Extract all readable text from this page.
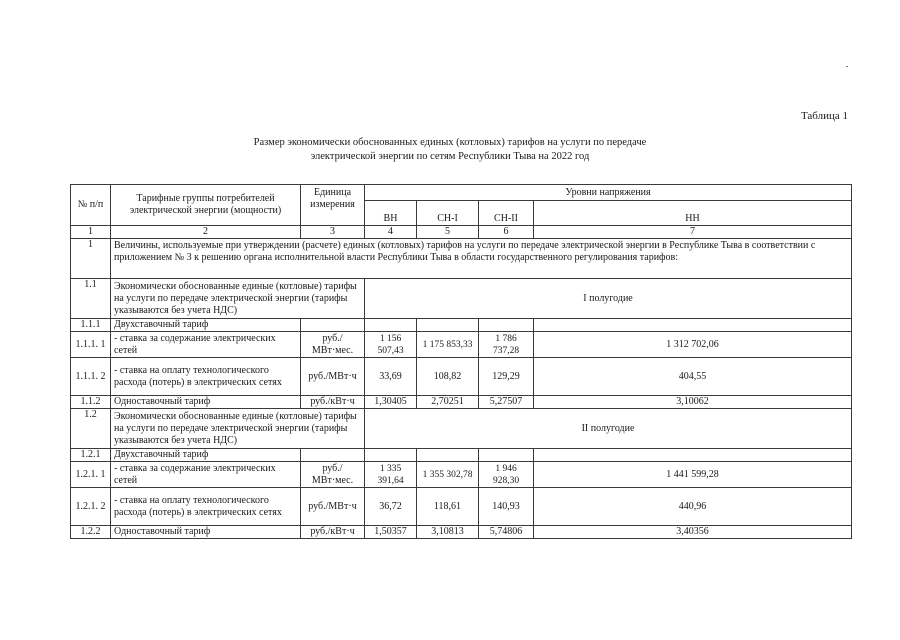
Таблица 1
Размер экономически обоснованных единых (котловых) тарифов на услуги по передаче
электрической энергии по сетям Республики Тыва на 2022 год
№ п/п	Тарифные группы потребителей электрической энергии (мощности)	Единица измерения	Уровни напряжения			
			ВН	СН-I	СН-II	НН
1	2	3	4	5	6	7
1	Величины, используемые при утверждении (расчете) единых (котловых) тарифов на услуги по передаче электрической энергии в Республике Тыва в соответствии с приложением № 3 к решению органа исполнительной власти Республики Тыва в области государственного регулирования тарифов:					
1.1	Экономически обоснованные единые (котловые) тарифы на услуги по передаче электрической энергии (тарифы указываются без учета НДС)		I полугодие			
1.1.1	Двухставочный тариф					
1.1.1. 1	- ставка за содержание электрических сетей	руб./МВт·мес.	1 156 507,43	1 175 853,33	1 786 737,28	1 312 702,06
1.1.1. 2	- ставка на оплату технологического расхода (потерь) в электрических сетях	руб./МВт·ч	33,69	108,82	129,29	404,55
1.1.2	Одноставочный тариф	руб./кВт·ч	1,30405	2,70251	5,27507	3,10062
1.2	Экономически обоснованные единые (котловые) тарифы на услуги по передаче электрической энергии (тарифы указываются без учета НДС)		II полугодие			
1.2.1	Двухставочный тариф					
1.2.1. 1	- ставка за содержание электрических сетей	руб./МВт·мес.	1 335 391,64	1 355 302,78	1 946 928,30	1 441 599,28
1.2.1. 2	- ставка на оплату технологического расхода (потерь) в электрических сетях	руб./МВт·ч	36,72	118,61	140,93	440,96
1.2.2	Одноставочный тариф	руб./кВт·ч	1,50357	3,10813	5,74806	3,40356
